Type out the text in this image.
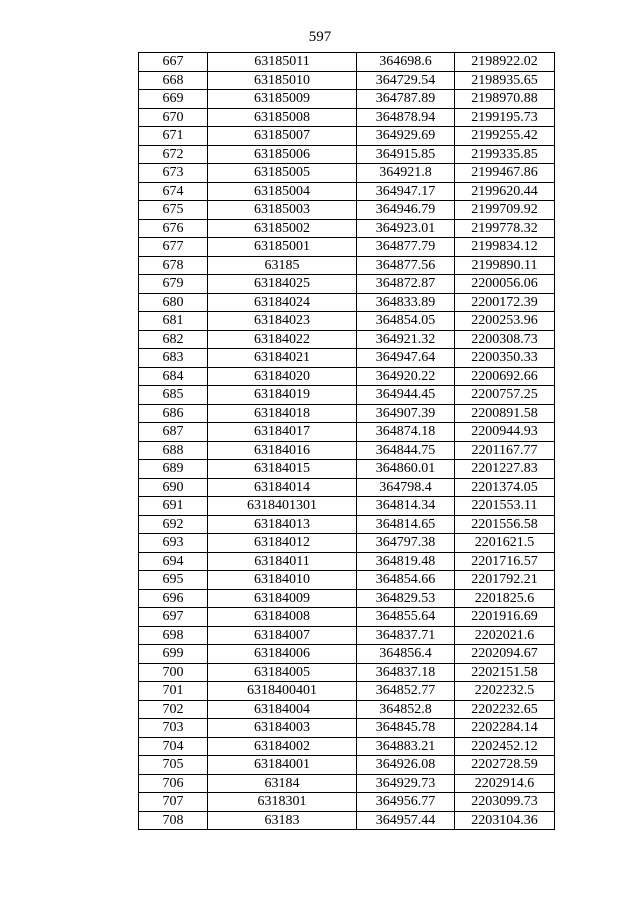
597
667	63185011	364698.6	2198922.02
668	63185010	364729.54	2198935.65
669	63185009	364787.89	2198970.88
670	63185008	364878.94	2199195.73
671	63185007	364929.69	2199255.42
672	63185006	364915.85	2199335.85
673	63185005	364921.8	2199467.86
674	63185004	364947.17	2199620.44
675	63185003	364946.79	2199709.92
676	63185002	364923.01	2199778.32
677	63185001	364877.79	2199834.12
678	63185	364877.56	2199890.11
679	63184025	364872.87	2200056.06
680	63184024	364833.89	2200172.39
681	63184023	364854.05	2200253.96
682	63184022	364921.32	2200308.73
683	63184021	364947.64	2200350.33
684	63184020	364920.22	2200692.66
685	63184019	364944.45	2200757.25
686	63184018	364907.39	2200891.58
687	63184017	364874.18	2200944.93
688	63184016	364844.75	2201167.77
689	63184015	364860.01	2201227.83
690	63184014	364798.4	2201374.05
691	6318401301	364814.34	2201553.11
692	63184013	364814.65	2201556.58
693	63184012	364797.38	2201621.5
694	63184011	364819.48	2201716.57
695	63184010	364854.66	2201792.21
696	63184009	364829.53	2201825.6
697	63184008	364855.64	2201916.69
698	63184007	364837.71	2202021.6
699	63184006	364856.4	2202094.67
700	63184005	364837.18	2202151.58
701	6318400401	364852.77	2202232.5
702	63184004	364852.8	2202232.65
703	63184003	364845.78	2202284.14
704	63184002	364883.21	2202452.12
705	63184001	364926.08	2202728.59
706	63184	364929.73	2202914.6
707	6318301	364956.77	2203099.73
708	63183	364957.44	2203104.36
